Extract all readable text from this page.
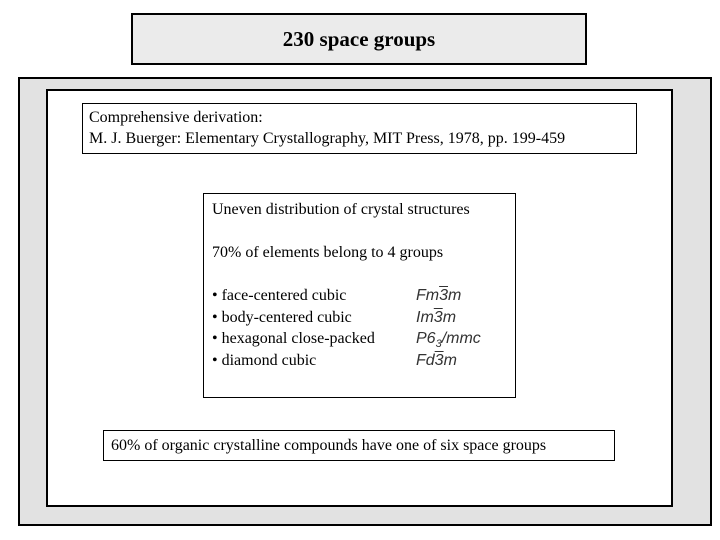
230 space groups
Comprehensive derivation:
M. J. Buerger: Elementary Crystallography, MIT Press, 1978, pp. 199-459
Uneven distribution of crystal structures
70% of elements belong to 4 groups
• face-centered cubic	Fm3m
• body-centered cubic	Im3m
• hexagonal close-packed	$P6_3$/mmc
• diamond cubic	Fd3m
60% of organic crystalline compounds have one of six space groups
